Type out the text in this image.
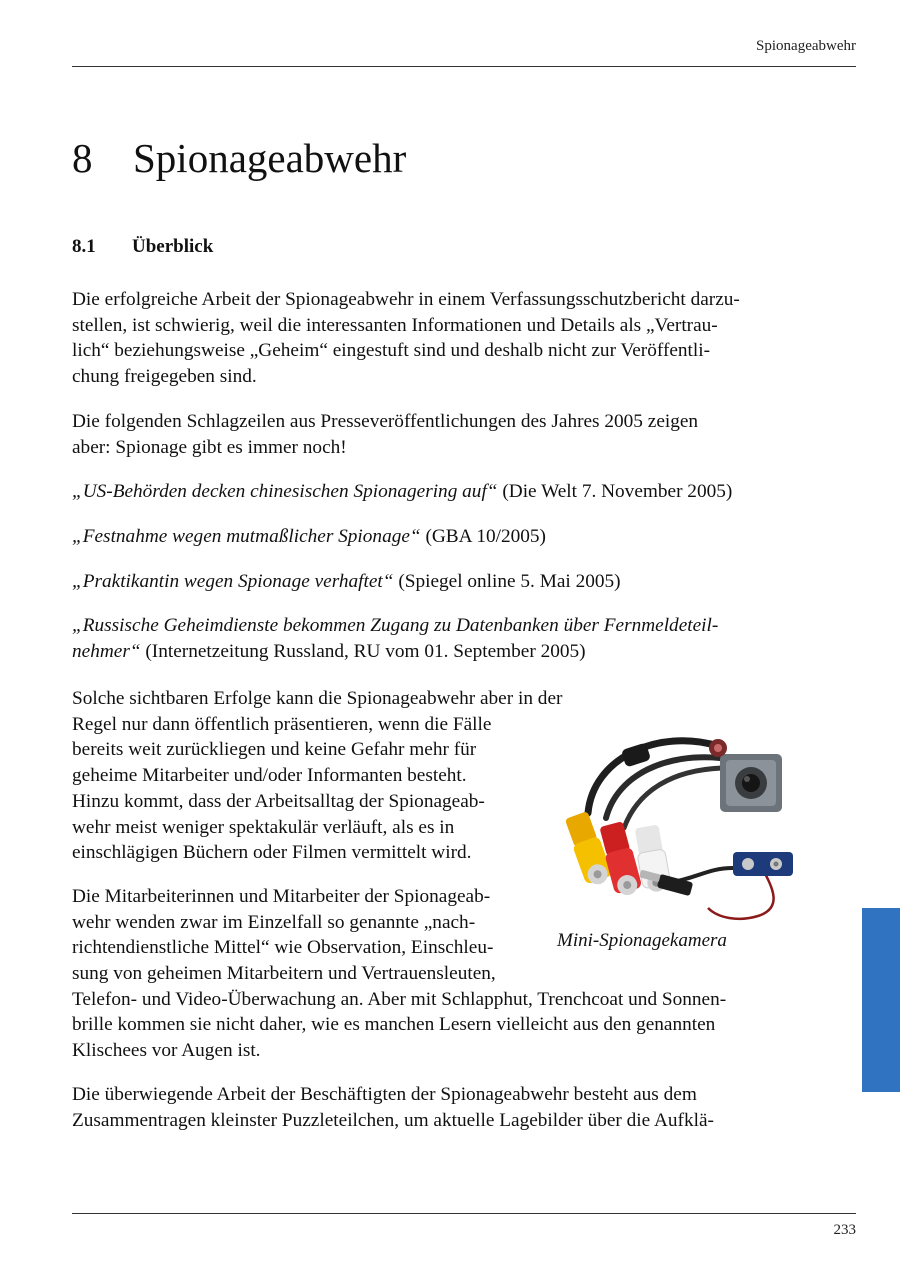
Spionageabwehr
8 Spionageabwehr
8.1 Überblick

Die erfolgreiche Arbeit der Spionageabwehr in einem Verfassungsschutzbericht darzu-
stellen, ist schwierig, weil die interessanten Informationen und Details als „Vertrau-
lich“ beziehungsweise „Geheim“ eingestuft sind und deshalb nicht zur Veröffentli-
chung freigegeben sind.

Die folgenden Schlagzeilen aus Presseveröffentlichungen des Jahres 2005 zeigen
aber: Spionage gibt es immer noch!

„US-Behörden decken chinesischen Spionagering auf“ (Die Welt 7. November 2005)

„Festnahme wegen mutmaßlicher Spionage“ (GBA 10/2005)

„Praktikantin wegen Spionage verhaftet“ (Spiegel online 5. Mai 2005)

„Russische Geheimdienste bekommen Zugang zu Datenbanken über Fernmeldeteil-
nehmer“ (Internetzeitung Russland, RU vom 01. September 2005)

Solche sichtbaren Erfolge kann die Spionageabwehr aber in der
Regel nur dann öffentlich präsentieren, wenn die Fälle
bereits weit zurückliegen und keine Gefahr mehr für
geheime Mitarbeiter und/oder Informanten besteht.
Hinzu kommt, dass der Arbeitsalltag der Spionageab-
wehr meist weniger spektakulär verläuft, als es in
einschlägigen Büchern oder Filmen vermittelt wird.

Die Mitarbeiterinnen und Mitarbeiter der Spionageab-
wehr wenden zwar im Einzelfall so genannte „nach-
richtendienstliche Mittel“ wie Observation, Einschleu-
sung von geheimen Mitarbeitern und Vertrauensleuten,
Telefon- und Video-Überwachung an. Aber mit Schlapphut, Trenchcoat und Sonnen-
brille kommen sie nicht daher, wie es manchen Lesern vielleicht aus den genannten
Klischees vor Augen ist.

Die überwiegende Arbeit der Beschäftigten der Spionageabwehr besteht aus dem
Zusammentragen kleinster Puzzleteilchen, um aktuelle Lagebilder über die Aufklä-

Mini-Spionagekamera
233
